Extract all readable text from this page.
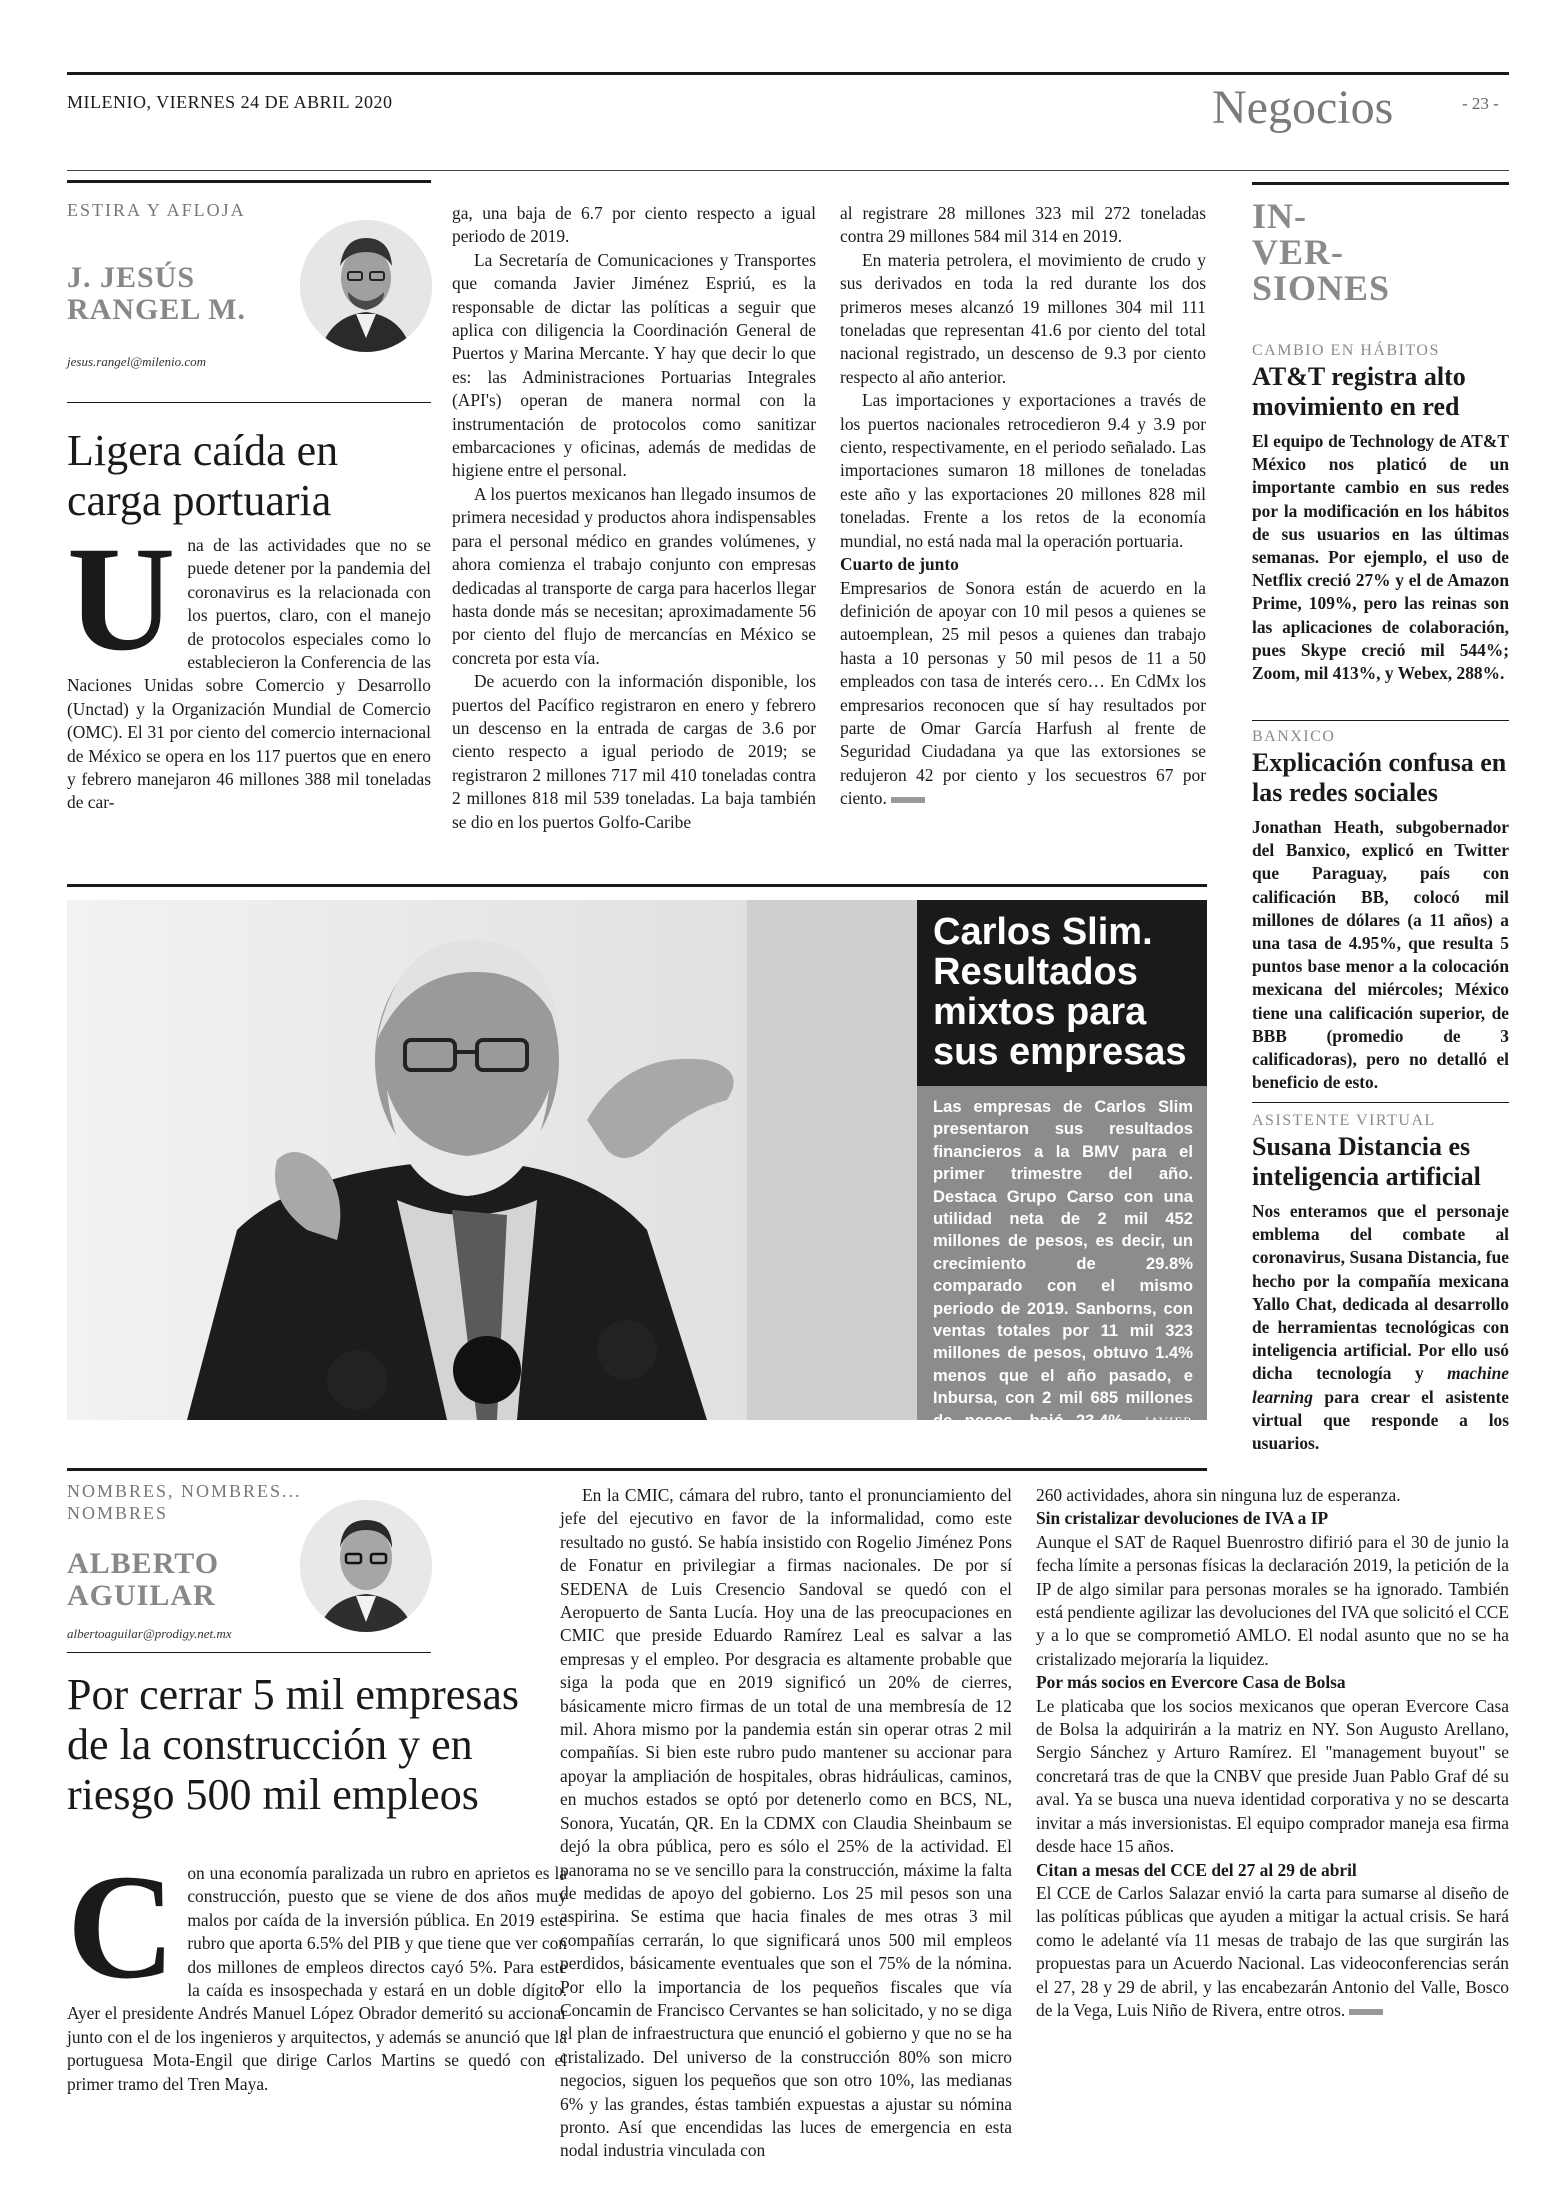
MILENIO, VIERNES 24 DE ABRIL 2020	Negocios	- 23 -
ESTIRA Y AFLOJA
J. JESÚS
RANGEL M.
jesus.rangel@milenio.com
Ligera caída en carga portuaria
U na de las actividades que no se puede detener por la pandemia del coronavirus es la relacionada con los puertos, claro, con el manejo de protocolos especiales como lo establecieron la Conferencia de las Naciones Unidas sobre Comercio y Desarrollo (Unctad) y la Organización Mundial de Comercio (OMC). El 31 por ciento del comercio internacional de México se opera en los 117 puertos que en enero y febrero manejaron 46 millones 388 mil toneladas de car-

ga, una baja de 6.7 por ciento respecto a igual periodo de 2019.

La Secretaría de Comunicaciones y Transportes que comanda Javier Jiménez Espriú, es la responsable de dictar las políticas a seguir que aplica con diligencia la Coordinación General de Puertos y Marina Mercante. Y hay que decir lo que es: las Administraciones Portuarias Integrales (API's) operan de manera normal con la instrumentación de protocolos como sanitizar embarcaciones y oficinas, además de medidas de higiene entre el personal.

A los puertos mexicanos han llegado insumos de primera necesidad y productos ahora indispensables para el personal médico en grandes volúmenes, y ahora comienza el trabajo conjunto con empresas dedicadas al transporte de carga para hacerlos llegar hasta donde más se necesitan; aproximadamente 56 por ciento del flujo de mercancías en México se concreta por esta vía.

De acuerdo con la información disponible, los puertos del Pacífico registraron en enero y febrero un descenso en la entrada de cargas de 3.6 por ciento respecto a igual periodo de 2019; se registraron 2 millones 717 mil 410 toneladas contra 2 millones 818 mil 539 toneladas. La baja también se dio en los puertos Golfo-Caribe

al registrare 28 millones 323 mil 272 toneladas contra 29 millones 584 mil 314 en 2019.

En materia petrolera, el movimiento de crudo y sus derivados en toda la red durante los dos primeros meses alcanzó 19 millones 304 mil 111 toneladas que representan 41.6 por ciento del total nacional registrado, un descenso de 9.3 por ciento respecto al año anterior.

Las importaciones y exportaciones a través de los puertos nacionales retrocedieron 9.4 y 3.9 por ciento, respectivamente, en el periodo señalado. Las importaciones sumaron 18 millones de toneladas este año y las exportaciones 20 millones 828 mil toneladas. Frente a los retos de la economía mundial, no está nada mal la operación portuaria.

Cuarto de junto

Empresarios de Sonora están de acuerdo en la definición de apoyar con 10 mil pesos a quienes se autoemplean, 25 mil pesos a quienes dan trabajo hasta a 10 personas y 50 mil pesos de 11 a 50 empleados con tasa de interés cero… En CdMx los empresarios reconocen que sí hay resultados por parte de Omar García Harfush al frente de Seguridad Ciudadana ya que las extorsiones se redujeron 42 por ciento y los secuestros 67 por ciento.

IN-
VER-
SIONES
CAMBIO EN HÁBITOS
AT&T registra alto movimiento en red
El equipo de Technology de AT&T México nos platicó de un importante cambio en sus redes por la modificación en los hábitos de sus usuarios en las últimas semanas. Por ejemplo, el uso de Netflix creció 27% y el de Amazon Prime, 109%, pero las reinas son las aplicaciones de colaboración, pues Skype creció mil 544%; Zoom, mil 413%, y Webex, 288%.
BANXICO
Explicación confusa en las redes sociales
Jonathan Heath, subgobernador del Banxico, explicó en Twitter que Paraguay, país con calificación BB, colocó mil millones de dólares (a 11 años) a una tasa de 4.95%, que resulta 5 puntos base menor a la colocación mexicana del miércoles; México tiene una calificación superior, de BBB (promedio de 3 calificadoras), pero no detalló el beneficio de esto.
ASISTENTE VIRTUAL
Susana Distancia es inteligencia artificial
Nos enteramos que el personaje emblema del combate al coronavirus, Susana Distancia, fue hecho por la compañía mexicana Yallo Chat, dedicada al desarrollo de herramientas tecnológicas con inteligencia artificial. Por ello usó dicha tecnología y machine learning para crear el asistente virtual que responde a los usuarios.
Carlos Slim.
Resultados
mixtos para
sus empresas
Las empresas de Carlos Slim presentaron sus resultados financieros a la BMV para el primer trimestre del año. Destaca Grupo Carso con una utilidad neta de 2 mil 452 millones de pesos, es decir, un crecimiento de 29.8% comparado con el mismo periodo de 2019. Sanborns, con ventas totales por 11 mil 323 millones de pesos, obtuvo 1.4% menos que el año pasado, e Inbursa, con 2 mil 685 millones de pesos, bajó 23.4%. JAVIER RÍOS
NOMBRES, NOMBRES...
NOMBRES
ALBERTO
AGUILAR
albertoaguilar@prodigy.net.mx
Por cerrar 5 mil empresas de la construcción y en riesgo 500 mil empleos
C on una economía paralizada un rubro en aprietos es la construcción, puesto que se viene de dos años muy malos por caída de la inversión pública. En 2019 este rubro que aporta 6.5% del PIB y que tiene que ver con dos millones de empleos directos cayó 5%. Para este la caída es insospechada y estará en un doble dígito. Ayer el presidente Andrés Manuel López Obrador demeritó su accionar junto con el de los ingenieros y arquitectos, y además se anunció que la portuguesa Mota-Engil que dirige Carlos Martins se quedó con el primer tramo del Tren Maya.

En la CMIC, cámara del rubro, tanto el pronunciamiento del jefe del ejecutivo en favor de la informalidad, como este resultado no gustó. Se había insistido con Rogelio Jiménez Pons de Fonatur en privilegiar a firmas nacionales. De por sí SEDENA de Luis Cresencio Sandoval se quedó con el Aeropuerto de Santa Lucía. Hoy una de las preocupaciones en CMIC que preside Eduardo Ramírez Leal es salvar a las empresas y el empleo. Por desgracia es altamente probable que siga la poda que en 2019 significó un 20% de cierres, básicamente micro firmas de un total de una membresía de 12 mil. Ahora mismo por la pandemia están sin operar otras 2 mil compañías. Si bien este rubro pudo mantener su accionar para apoyar la ampliación de hospitales, obras hidráulicas, caminos, en muchos estados se optó por detenerlo como en BCS, NL, Sonora, Yucatán, QR. En la CDMX con Claudia Sheinbaum se dejó la obra pública, pero es sólo el 25% de la actividad. El panorama no se ve sencillo para la construcción, máxime la falta de medidas de apoyo del gobierno. Los 25 mil pesos son una aspirina. Se estima que hacia finales de mes otras 3 mil compañías cerrarán, lo que significará unos 500 mil empleos perdidos, básicamente eventuales que son el 75% de la nómina. Por ello la importancia de los pequeños fiscales que vía Concamin de Francisco Cervantes se han solicitado, y no se diga el plan de infraestructura que enunció el gobierno y que no se ha cristalizado. Del universo de la construcción 80% son micro negocios, siguen los pequeños que son otro 10%, las medianas 6% y las grandes, éstas también expuestas a ajustar su nómina pronto. Así que encendidas las luces de emergencia en esta nodal industria vinculada con

260 actividades, ahora sin ninguna luz de esperanza.

Sin cristalizar devoluciones de IVA a IP

Aunque el SAT de Raquel Buenrostro difirió para el 30 de junio la fecha límite a personas físicas la declaración 2019, la petición de la IP de algo similar para personas morales se ha ignorado. También está pendiente agilizar las devoluciones del IVA que solicitó el CCE y a lo que se comprometió AMLO. El nodal asunto que no se ha cristalizado mejoraría la liquidez.

Por más socios en Evercore Casa de Bolsa

Le platicaba que los socios mexicanos que operan Evercore Casa de Bolsa la adquirirán a la matriz en NY. Son Augusto Arellano, Sergio Sánchez y Arturo Ramírez. El "management buyout" se concretará tras de que la CNBV que preside Juan Pablo Graf dé su aval. Ya se busca una nueva identidad corporativa y no se descarta invitar a más inversionistas. El equipo comprador maneja esa firma desde hace 15 años.

Citan a mesas del CCE del 27 al 29 de abril

El CCE de Carlos Salazar envió la carta para sumarse al diseño de las políticas públicas que ayuden a mitigar la actual crisis. Se hará como le adelanté vía 11 mesas de trabajo de las que surgirán las propuestas para un Acuerdo Nacional. Las videoconferencias serán el 27, 28 y 29 de abril, y las encabezarán Antonio del Valle, Bosco de la Vega, Luis Niño de Rivera, entre otros.
